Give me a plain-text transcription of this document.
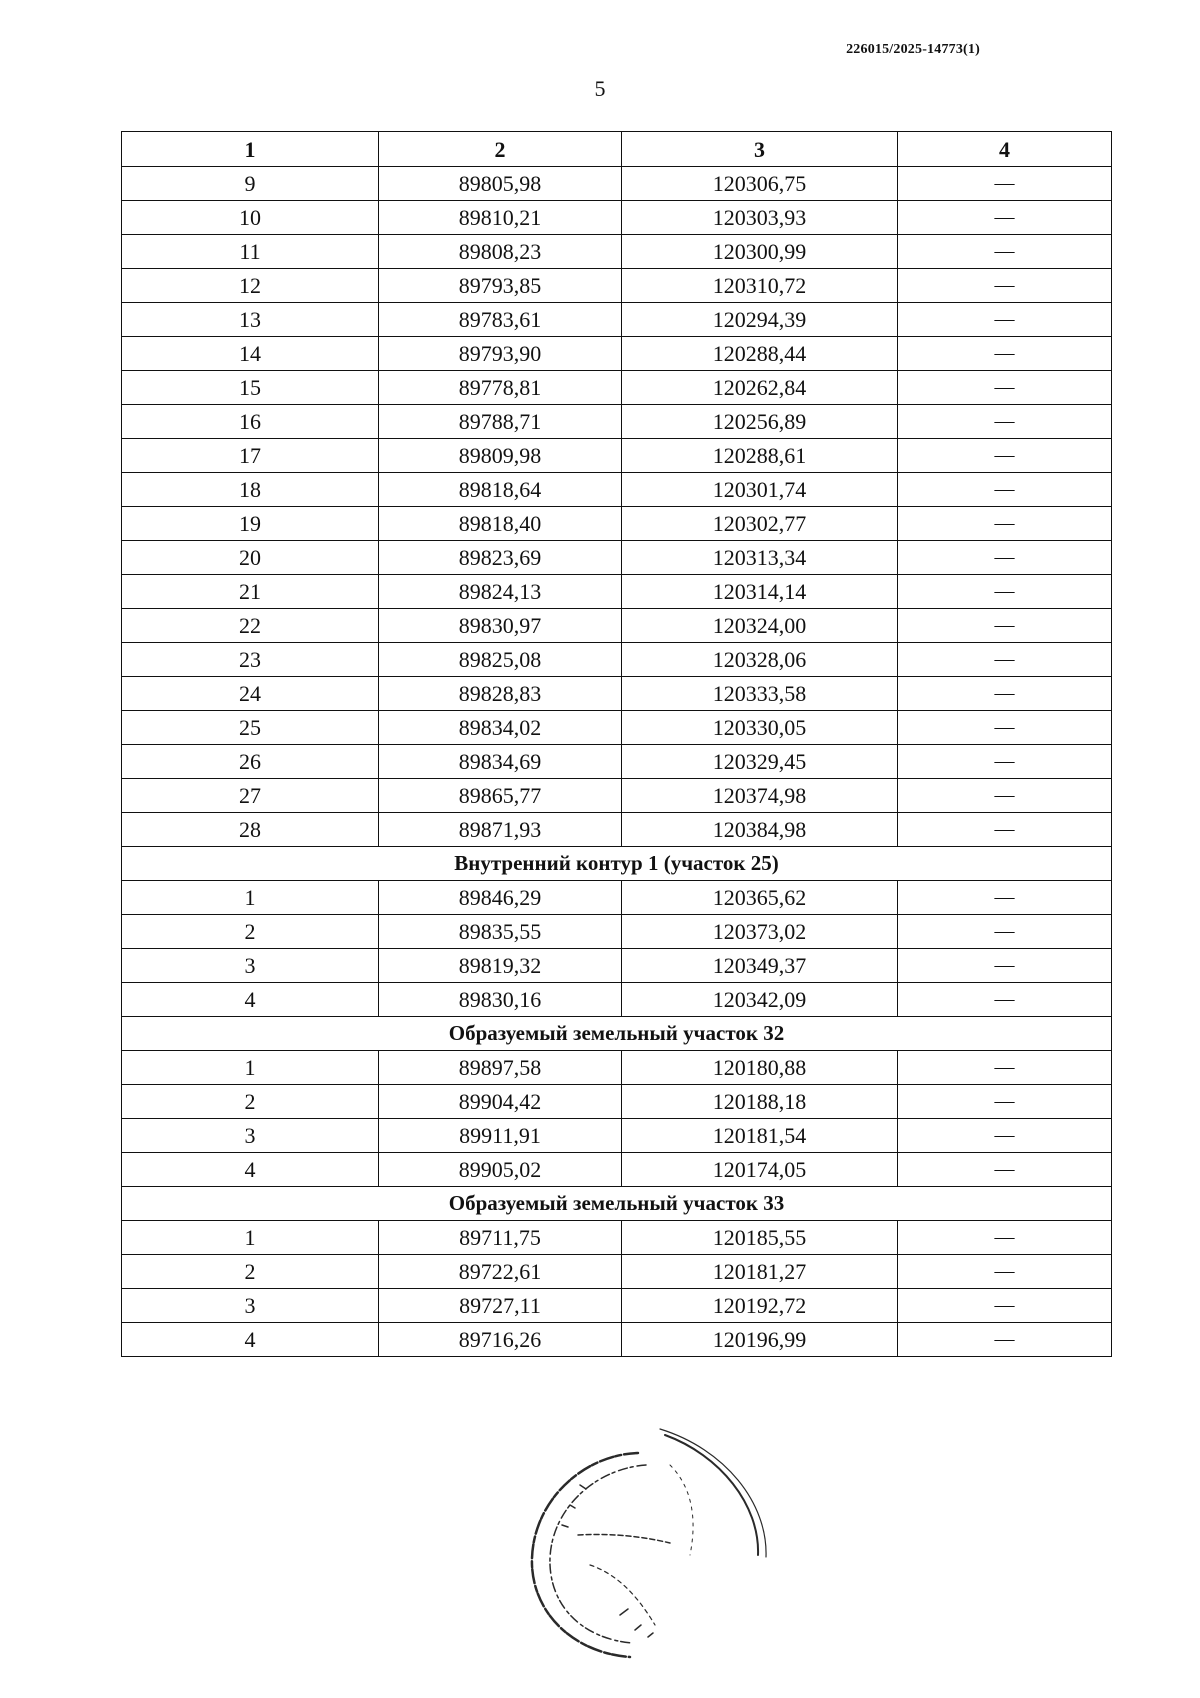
226015/2025-14773(1)
5
1	2	3	4
9	89805,98	120306,75	—
10	89810,21	120303,93	—
11	89808,23	120300,99	—
12	89793,85	120310,72	—
13	89783,61	120294,39	—
14	89793,90	120288,44	—
15	89778,81	120262,84	—
16	89788,71	120256,89	—
17	89809,98	120288,61	—
18	89818,64	120301,74	—
19	89818,40	120302,77	—
20	89823,69	120313,34	—
21	89824,13	120314,14	—
22	89830,97	120324,00	—
23	89825,08	120328,06	—
24	89828,83	120333,58	—
25	89834,02	120330,05	—
26	89834,69	120329,45	—
27	89865,77	120374,98	—
28	89871,93	120384,98	—
Внутренний контур 1 (участок 25)			
1	89846,29	120365,62	—
2	89835,55	120373,02	—
3	89819,32	120349,37	—
4	89830,16	120342,09	—
Образуемый земельный участок 32			
1	89897,58	120180,88	—
2	89904,42	120188,18	—
3	89911,91	120181,54	—
4	89905,02	120174,05	—
Образуемый земельный участок 33			
1	89711,75	120185,55	—
2	89722,61	120181,27	—
3	89727,11	120192,72	—
4	89716,26	120196,99	—
